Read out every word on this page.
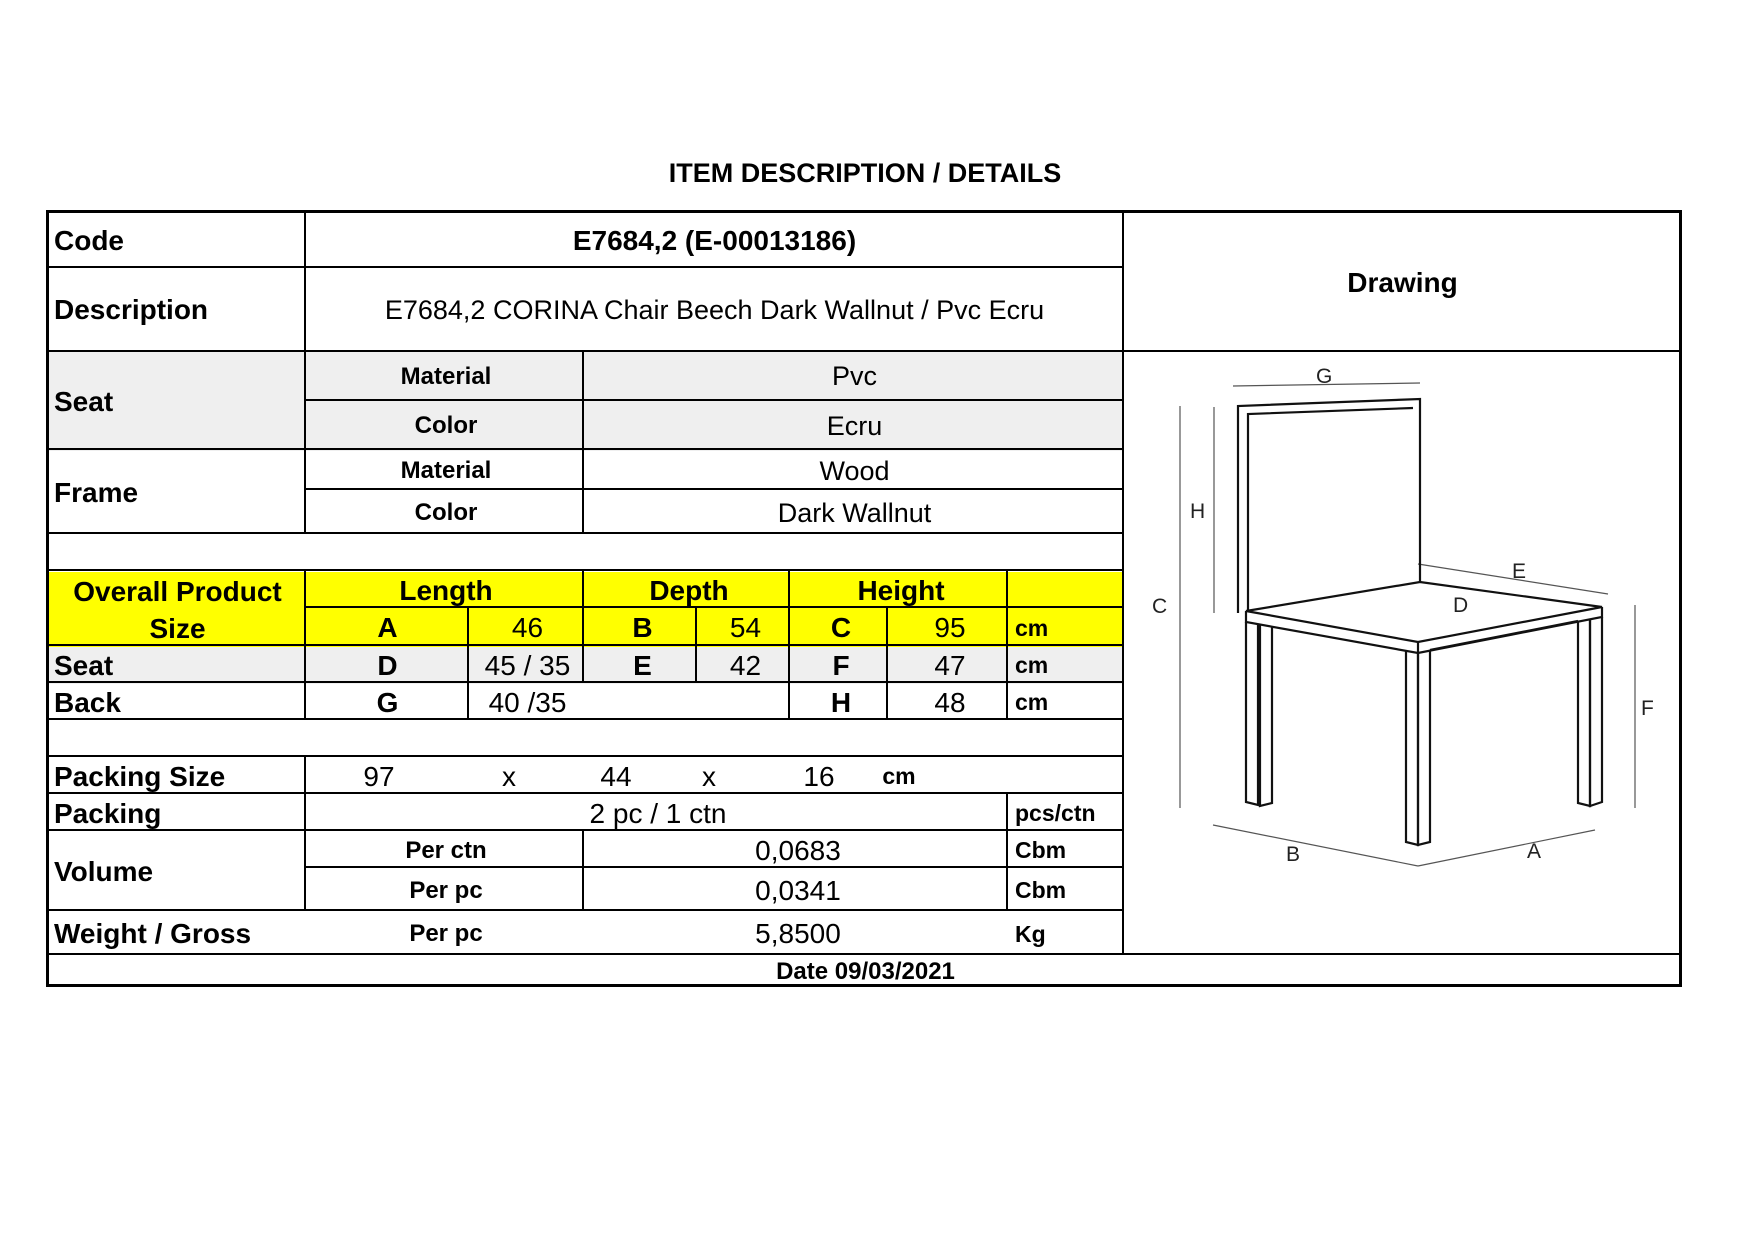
ITEM DESCRIPTION / DETAILS
Code	E7684,2 (E-00013186)
Description	E7684,2 CORINA Chair Beech Dark Wallnut / Pvc Ecru
Drawing
Seat
Material	Pvc
Color	Ecru
Frame
Material	Wood
Color	Dark Wallnut
Overall Product
Size
Length	Depth	Height
A	46	B	54	C	95	cm
Seat	D	45 / 35	E	42	F	47	cm
Back	G	40 /35	H	48	cm
Packing Size	97	x	44	x	16	cm
Packing	2 pc / 1 ctn	pcs/ctn
Volume
Per ctn	0,0683	Cbm
Per pc	0,0341	Cbm
Weight / Gross	Per pc	5,8500	Kg
Date 09/03/2021
G
H
C
E
D
F
B	A
